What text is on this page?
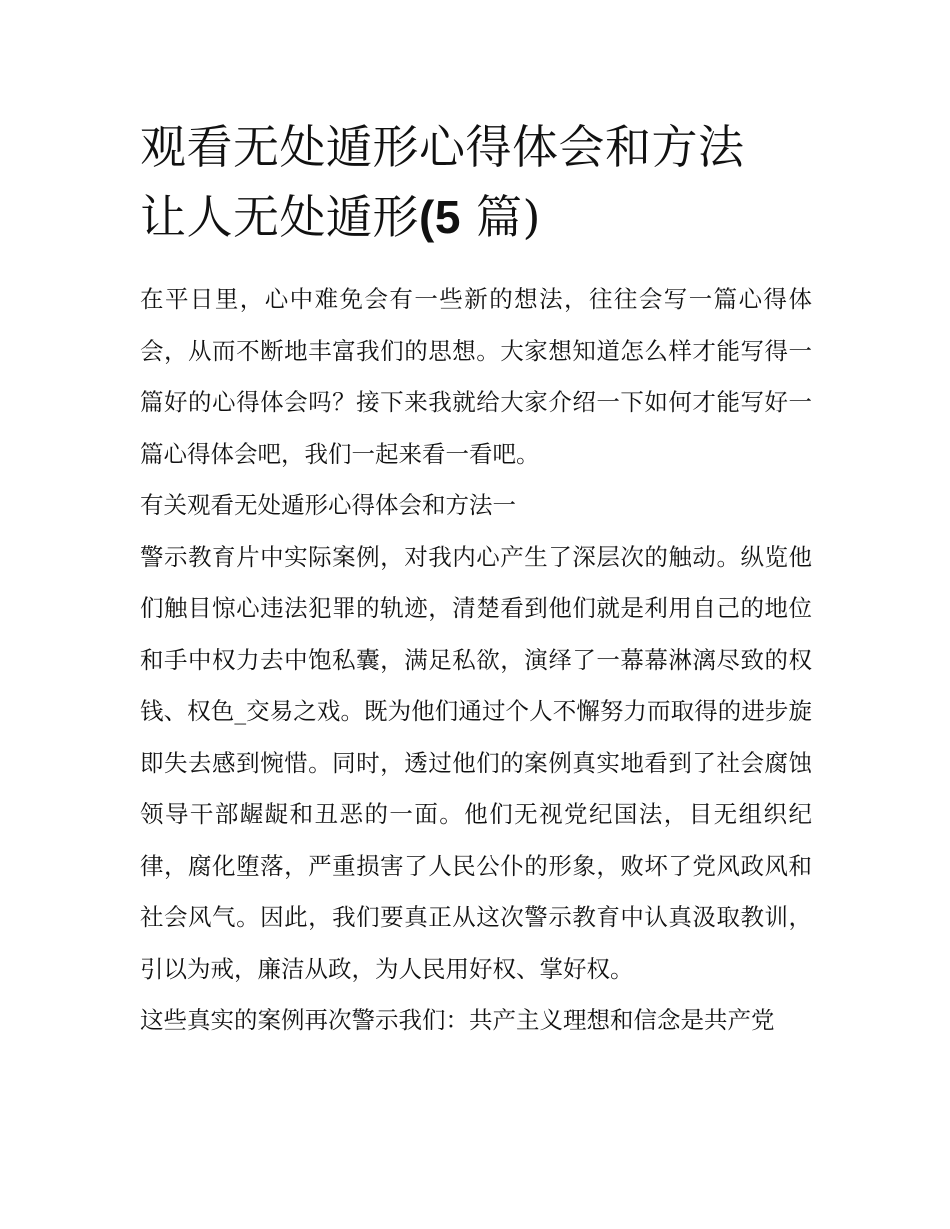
观看无处遁形心得体会和方法
让人无处遁形(5 篇)

在平日里，心中难免会有一些新的想法，往往会写一篇心得体会，从而不断地丰富我们的思想。大家想知道怎么样才能写得一篇好的心得体会吗？接下来我就给大家介绍一下如何才能写好一篇心得体会吧，我们一起来看一看吧。

有关观看无处遁形心得体会和方法一

警示教育片中实际案例，对我内心产生了深层次的触动。纵览他们触目惊心违法犯罪的轨迹，清楚看到他们就是利用自己的地位和手中权力去中饱私囊，满足私欲，演绎了一幕幕淋漓尽致的权钱、权色_交易之戏。既为他们通过个人不懈努力而取得的进步旋即失去感到惋惜。同时，透过他们的案例真实地看到了社会腐蚀领导干部龌龊和丑恶的一面。他们无视党纪国法，目无组织纪律，腐化堕落，严重损害了人民公仆的形象，败坏了党风政风和社会风气。因此，我们要真正从这次警示教育中认真汲取教训，引以为戒，廉洁从政，为人民用好权、掌好权。

这些真实的案例再次警示我们：共产主义理想和信念是共产党
